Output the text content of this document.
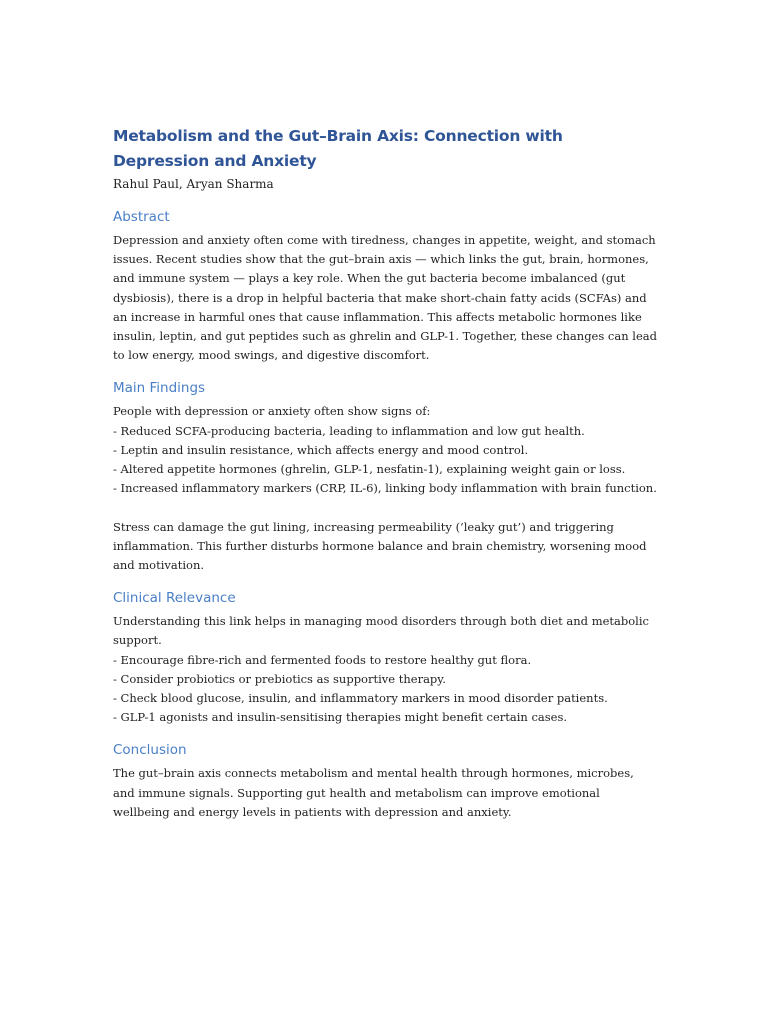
Metabolism and the Gut–Brain Axis: Connection with Depression and Anxiety

Rahul Paul, Aryan Sharma

Abstract

Depression and anxiety often come with tiredness, changes in appetite, weight, and stomach issues. Recent studies show that the gut–brain axis — which links the gut, brain, hormones, and immune system — plays a key role. When the gut bacteria become imbalanced (gut dysbiosis), there is a drop in helpful bacteria that make short-chain fatty acids (SCFAs) and an increase in harmful ones that cause inflammation. This affects metabolic hormones like insulin, leptin, and gut peptides such as ghrelin and GLP-1. Together, these changes can lead to low energy, mood swings, and digestive discomfort.

Main Findings

People with depression or anxiety often show signs of:

- Reduced SCFA-producing bacteria, leading to inflammation and low gut health.

- Leptin and insulin resistance, which affects energy and mood control.

- Altered appetite hormones (ghrelin, GLP-1, nesfatin-1), explaining weight gain or loss.

- Increased inflammatory markers (CRP, IL-6), linking body inflammation with brain function.

Stress can damage the gut lining, increasing permeability (‘leaky gut’) and triggering inflammation. This further disturbs hormone balance and brain chemistry, worsening mood and motivation.

Clinical Relevance

Understanding this link helps in managing mood disorders through both diet and metabolic support.

- Encourage fibre-rich and fermented foods to restore healthy gut flora.

- Consider probiotics or prebiotics as supportive therapy.

- Check blood glucose, insulin, and inflammatory markers in mood disorder patients.

- GLP-1 agonists and insulin-sensitising therapies might benefit certain cases.

Conclusion

The gut–brain axis connects metabolism and mental health through hormones, microbes, and immune signals. Supporting gut health and metabolism can improve emotional wellbeing and energy levels in patients with depression and anxiety.
